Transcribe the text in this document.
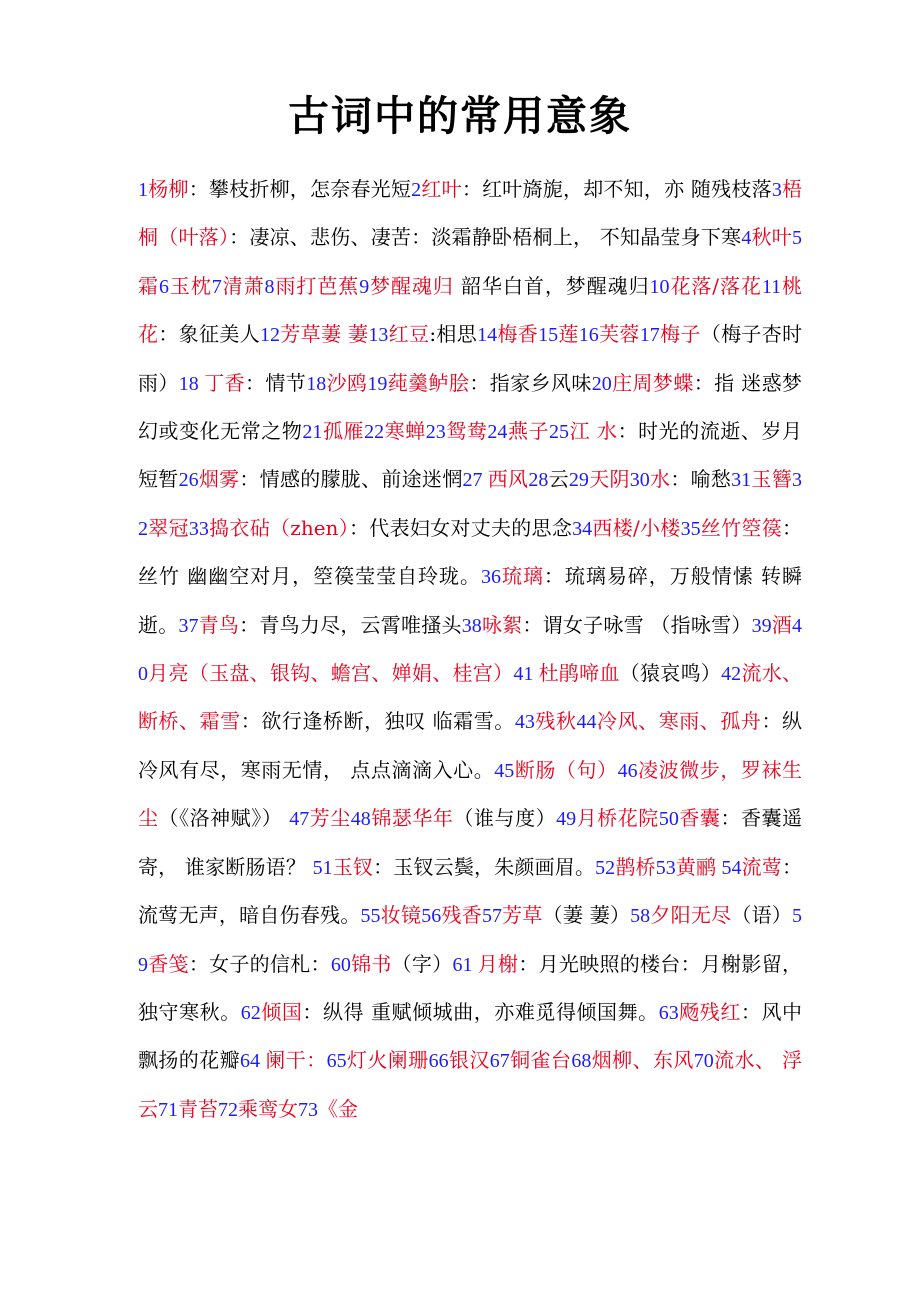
古词中的常用意象
1杨柳：攀枝折柳，怎奈春光短2红叶：红叶旖旎，却不知，亦 随残枝落3梧桐（叶落）：凄凉、悲伤、凄苦：淡霜静卧梧桐上， 不知晶莹身下寒4秋叶5霜6玉枕7清萧8雨打芭蕉9梦醒魂归 韶华白首，梦醒魂归10花落/落花11桃花：象征美人12芳草萋 萋13红豆:相思14梅香15莲16芙蓉17梅子（梅子杏时雨）18 丁香：情节18沙鸥19莼羹鲈脍：指家乡风味20庄周梦蝶：指 迷惑梦幻或变化无常之物21孤雁22寒蝉23鸳鸯24燕子25江 水：时光的流逝、岁月短暂26烟雾：情感的朦胧、前途迷惘27 西风28云29天阴30水：喻愁31玉簪32翠冠33捣衣砧（zhen）：代表妇女对丈夫的思念34西楼/小楼35丝竹箜篌：丝竹 幽幽空对月，箜篌莹莹自玲珑。36琉璃：琉璃易碎，万般情愫 转瞬逝。37青鸟：青鸟力尽，云霄唯搔头38咏絮：谓女子咏雪 （指咏雪）39酒40月亮（玉盘、银钩、蟾宫、婵娟、桂宫）41 杜鹃啼血（猿哀鸣）42流水、断桥、霜雪：欲行逢桥断，独叹 临霜雪。43残秋44冷风、寒雨、孤舟：纵冷风有尽，寒雨无情， 点点滴滴入心。45断肠（句）46凌波微步，罗袜生尘（《洛神赋》） 47芳尘48锦瑟华年（谁与度）49月桥花院50香囊：香囊遥寄， 谁家断肠语？ 51玉钗：玉钗云鬓，朱颜画眉。52鹊桥53黄鹂 54流莺：流莺无声，暗自伤春残。55妆镜56残香57芳草（萋 萋）58夕阳无尽（语）59香笺：女子的信札：60锦书（字）61 月榭：月光映照的楼台：月榭影留，独守寒秋。62倾国：纵得 重赋倾城曲，亦难觅得倾国舞。63飏残红：风中飘扬的花瓣64 阑干：65灯火阑珊66银汉67铜雀台68烟柳、东风70流水、 浮云71青苔72乘鸾女73《金
